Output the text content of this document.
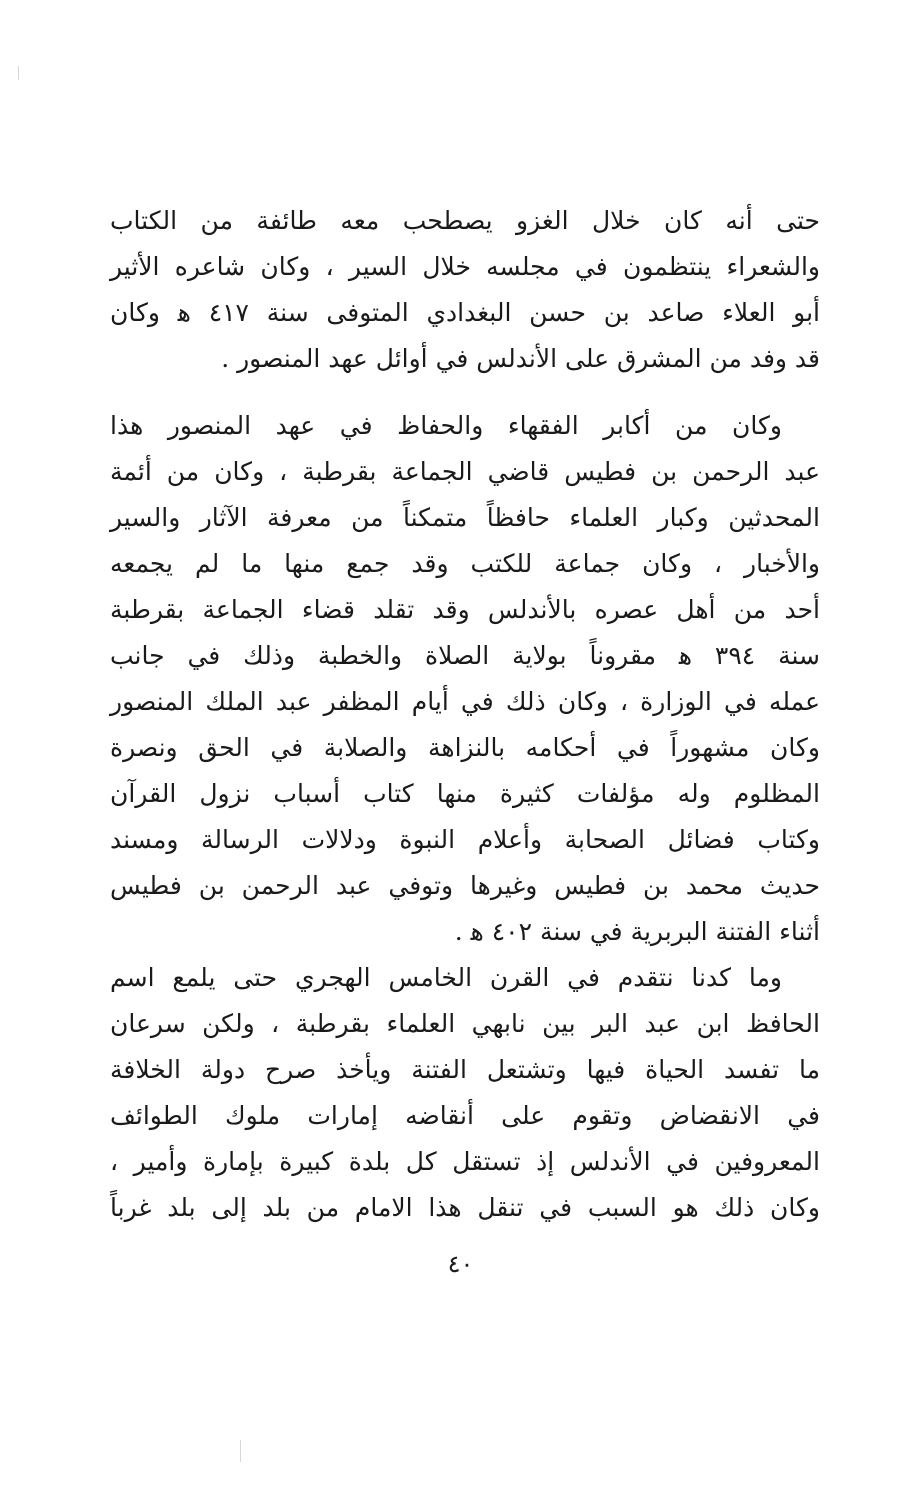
حتى أنه كان خلال الغزو يصطحب معه طائفة من الكتاب
والشعراء ينتظمون في مجلسه خلال السير ، وكان شاعره الأثير
أبو العلاء صاعد بن حسن البغدادي المتوفى سنة ٤١٧ ﻫ وكان
قد وفد من المشرق على الأندلس في أوائل عهد المنصور .
وكان من أكابر الفقهاء والحفاظ في عهد المنصور هذا
عبد الرحمن بن فطيس قاضي الجماعة بقرطبة ، وكان من أئمة
المحدثين وكبار العلماء حافظاً متمكناً من معرفة الآثار والسير
والأخبار ، وكان جماعة للكتب وقد جمع منها ما لم يجمعه
أحد من أهل عصره بالأندلس وقد تقلد قضاء الجماعة بقرطبة
سنة ٣٩٤ ﻫ مقروناً بولاية الصلاة والخطبة وذلك في جانب
عمله في الوزارة ، وكان ذلك في أيام المظفر عبد الملك المنصور
وكان مشهوراً في أحكامه بالنزاهة والصلابة في الحق ونصرة
المظلوم وله مؤلفات كثيرة منها كتاب أسباب نزول القرآن
وكتاب فضائل الصحابة وأعلام النبوة ودلالات الرسالة ومسند
حديث محمد بن فطيس وغيرها وتوفي عبد الرحمن بن فطيس
أثناء الفتنة البربرية في سنة ٤٠٢ ﻫ .
وما كدنا نتقدم في القرن الخامس الهجري حتى يلمع اسم
الحافظ ابن عبد البر بين نابهي العلماء بقرطبة ، ولكن سرعان
ما تفسد الحياة فيها وتشتعل الفتنة ويأخذ صرح دولة الخلافة
في الانقضاض وتقوم على أنقاضه إمارات ملوك الطوائف
المعروفين في الأندلس إذ تستقل كل بلدة كبيرة بإمارة وأمير ،
وكان ذلك هو السبب في تنقل هذا الامام من بلد إلى بلد غرباً
٤٠
